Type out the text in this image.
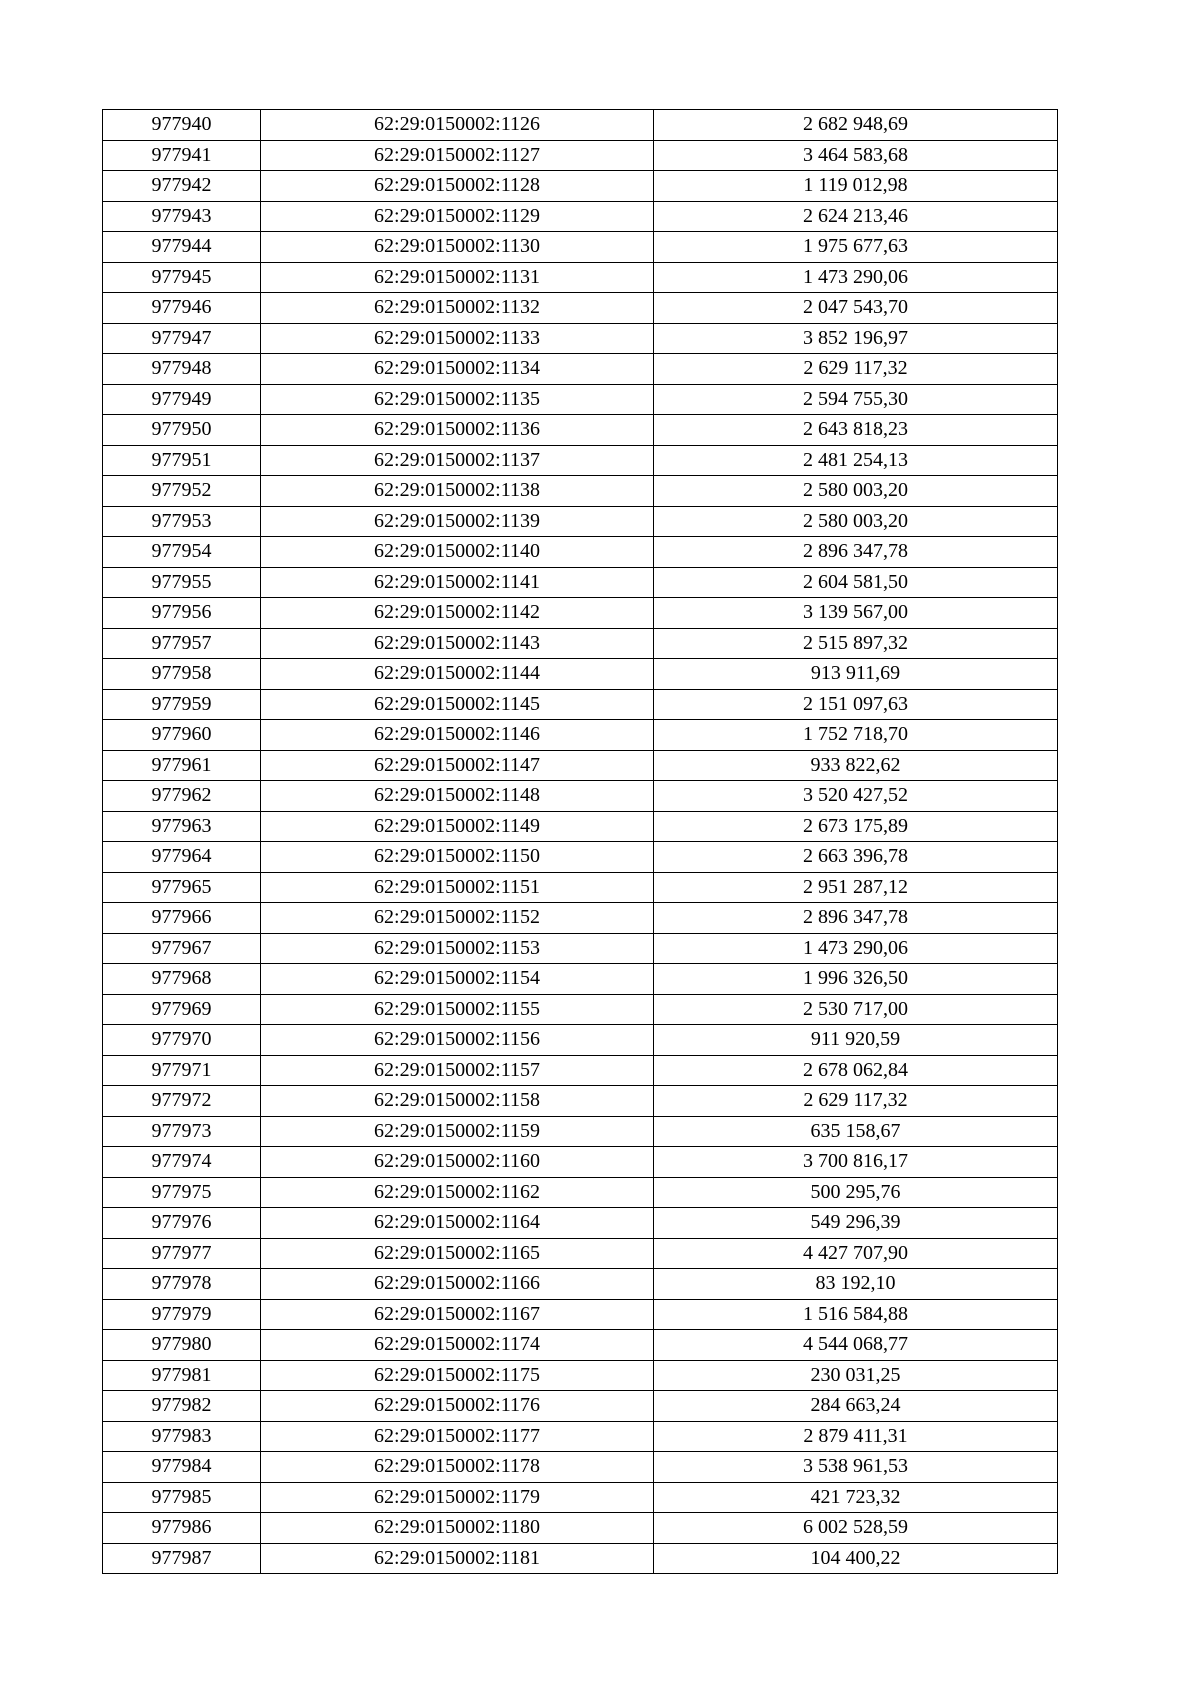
977940	62:29:0150002:1126	2 682 948,69
977941	62:29:0150002:1127	3 464 583,68
977942	62:29:0150002:1128	1 119 012,98
977943	62:29:0150002:1129	2 624 213,46
977944	62:29:0150002:1130	1 975 677,63
977945	62:29:0150002:1131	1 473 290,06
977946	62:29:0150002:1132	2 047 543,70
977947	62:29:0150002:1133	3 852 196,97
977948	62:29:0150002:1134	2 629 117,32
977949	62:29:0150002:1135	2 594 755,30
977950	62:29:0150002:1136	2 643 818,23
977951	62:29:0150002:1137	2 481 254,13
977952	62:29:0150002:1138	2 580 003,20
977953	62:29:0150002:1139	2 580 003,20
977954	62:29:0150002:1140	2 896 347,78
977955	62:29:0150002:1141	2 604 581,50
977956	62:29:0150002:1142	3 139 567,00
977957	62:29:0150002:1143	2 515 897,32
977958	62:29:0150002:1144	913 911,69
977959	62:29:0150002:1145	2 151 097,63
977960	62:29:0150002:1146	1 752 718,70
977961	62:29:0150002:1147	933 822,62
977962	62:29:0150002:1148	3 520 427,52
977963	62:29:0150002:1149	2 673 175,89
977964	62:29:0150002:1150	2 663 396,78
977965	62:29:0150002:1151	2 951 287,12
977966	62:29:0150002:1152	2 896 347,78
977967	62:29:0150002:1153	1 473 290,06
977968	62:29:0150002:1154	1 996 326,50
977969	62:29:0150002:1155	2 530 717,00
977970	62:29:0150002:1156	911 920,59
977971	62:29:0150002:1157	2 678 062,84
977972	62:29:0150002:1158	2 629 117,32
977973	62:29:0150002:1159	635 158,67
977974	62:29:0150002:1160	3 700 816,17
977975	62:29:0150002:1162	500 295,76
977976	62:29:0150002:1164	549 296,39
977977	62:29:0150002:1165	4 427 707,90
977978	62:29:0150002:1166	83 192,10
977979	62:29:0150002:1167	1 516 584,88
977980	62:29:0150002:1174	4 544 068,77
977981	62:29:0150002:1175	230 031,25
977982	62:29:0150002:1176	284 663,24
977983	62:29:0150002:1177	2 879 411,31
977984	62:29:0150002:1178	3 538 961,53
977985	62:29:0150002:1179	421 723,32
977986	62:29:0150002:1180	6 002 528,59
977987	62:29:0150002:1181	104 400,22
